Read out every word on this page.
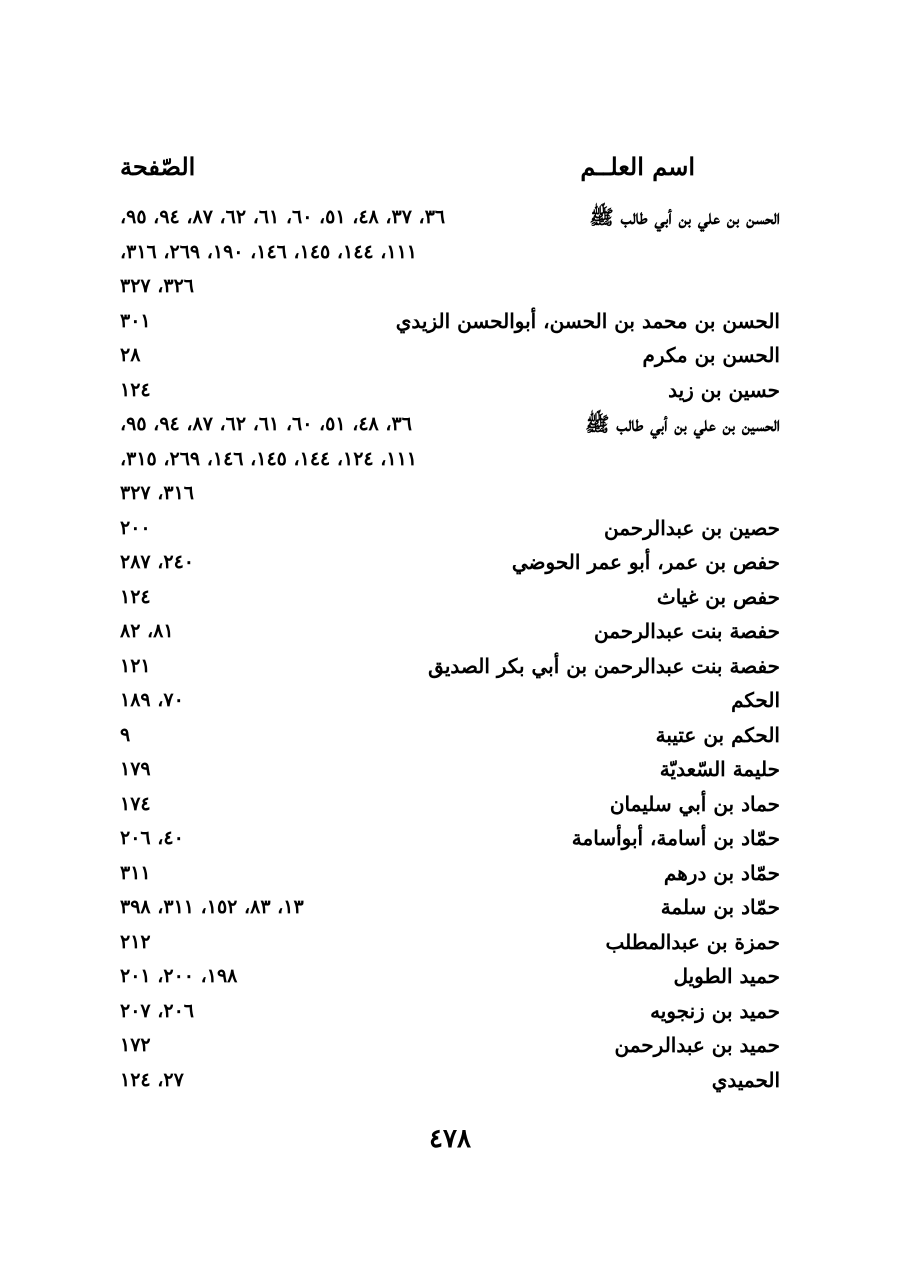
اسم العلــم
الصّفحة
الحسن بن علي بن أبي طالب ﷺ
٣٦، ٣٧، ٤٨، ٥١، ٦٠، ٦١، ٦٢، ٨٧، ٩٤، ٩٥،
١١١، ١٤٤، ١٤٥، ١٤٦، ١٩٠، ٢٦٩، ٣١٦،
٣٢٦، ٣٢٧
الحسن بن محمد بن الحسن، أبوالحسن الزيدي
٣٠١
الحسن بن مكرم
٢٨
حسين بن زيد
١٢٤
الحسين بن علي بن أبي طالب ﷺ
٣٦، ٤٨، ٥١، ٦٠، ٦١، ٦٢، ٨٧، ٩٤، ٩٥،
١١١، ١٢٤، ١٤٤، ١٤٥، ١٤٦، ٢٦٩، ٣١٥،
٣١٦، ٣٢٧
حصين بن عبدالرحمن
٢٠٠
حفص بن عمر، أبو عمر الحوضي
٢٤٠، ٢٨٧
حفص بن غياث
١٢٤
حفصة بنت عبدالرحمن
٨١، ٨٢
حفصة بنت عبدالرحمن بن أبي بكر الصديق
١٢١
الحكم
٧٠، ١٨٩
الحكم بن عتيبة
٩
حليمة السّعديّة
١٧٩
حماد بن أبي سليمان
١٧٤
حمّاد بن أسامة، أبوأسامة
٤٠، ٢٠٦
حمّاد بن درهم
٣١١
حمّاد بن سلمة
١٣، ٨٣، ١٥٢، ٣١١، ٣٩٨
حمزة بن عبدالمطلب
٢١٢
حميد الطويل
١٩٨، ٢٠٠، ٢٠١
حميد بن زنجويه
٢٠٦، ٢٠٧
حميد بن عبدالرحمن
١٧٢
الحميدي
٢٧، ١٢٤
٤٧٨
